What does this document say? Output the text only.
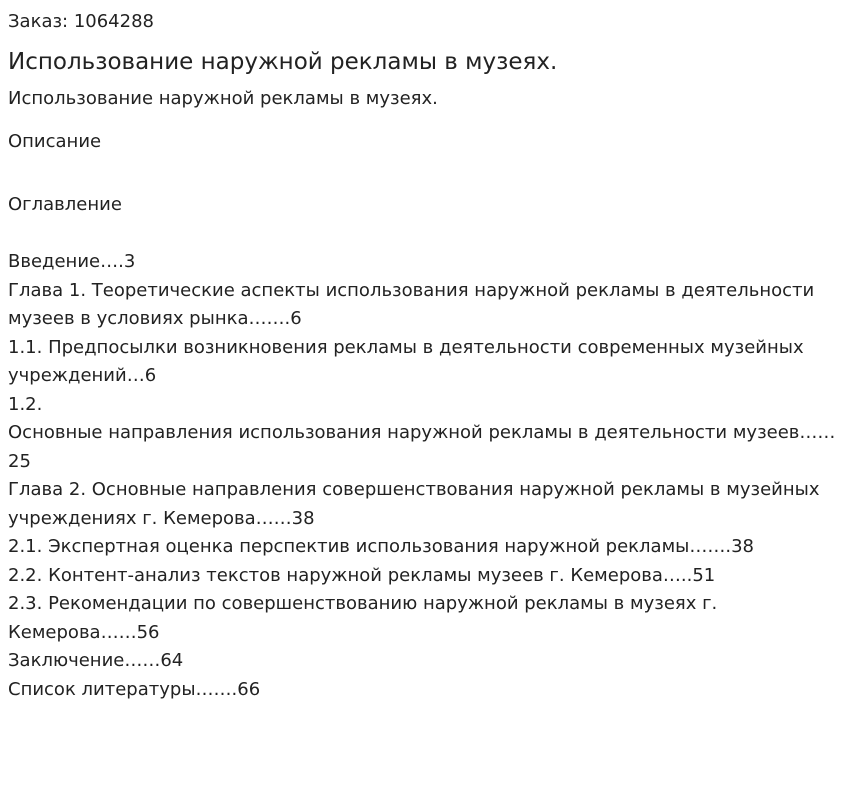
Заказ: 1064288
Использование наружной рекламы в музеях.
Использование наружной рекламы в музеях.
Описание
Оглавление
Введение….3
Глава 1. Теоретические аспекты использования наружной рекламы в деятельности музеев в условиях рынка…….6
1.1. Предпосылки возникновения рекламы в деятельности современных музейных учреждений…6
1.2.
Основные направления использования наружной рекламы в деятельности музеев……25
Глава 2. Основные направления совершенствования наружной рекламы в музейных учреждениях г. Кемерова……38
2.1. Экспертная оценка перспектив использования наружной рекламы…….38
2.2. Контент-анализ текстов наружной рекламы музеев г. Кемерова…..51
2.3. Рекомендации по совершенствованию наружной рекламы в музеях г. Кемерова……56
Заключение……64
Список литературы…….66
